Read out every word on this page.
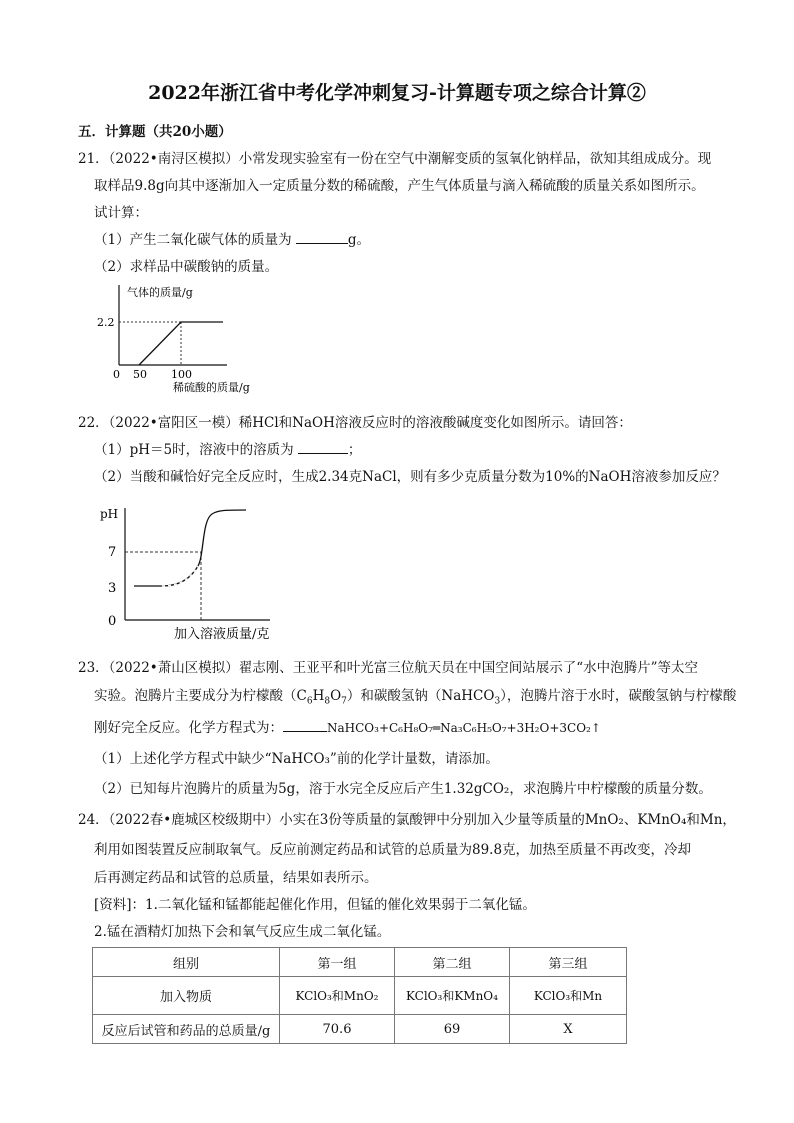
2022年浙江省中考化学冲刺复习-计算题专项之综合计算②
五．计算题（共20小题）
21．（2022•南浔区模拟）小常发现实验室有一份在空气中潮解变质的氢氧化钠样品，欲知其组成成分。现
取样品9.8g向其中逐渐加入一定质量分数的稀硫酸，产生气体质量与滴入稀硫酸的质量关系如图所示。
试计算：
（1）产生二氧化碳气体的质量为	g。
（2）求样品中碳酸钠的质量。
气体的质量/g
2.2
0 50 100
稀硫酸的质量/g
22．（2022•富阳区一模）稀HCl和NaOH溶液反应时的溶液酸碱度变化如图所示。请回答：
（1）pH＝5时，溶液中的溶质为	；
（2）当酸和碱恰好完全反应时，生成2.34克NaCl，则有多少克质量分数为10%的NaOH溶液参加反应？
pH
7
3
0
加入溶液质量/克
23．（2022•萧山区模拟）翟志刚、王亚平和叶光富三位航天员在中国空间站展示了“水中泡腾片”等太空
实验。泡腾片主要成分为柠檬酸$(C_6H_8O_7)$和碳酸氢钠（NaHCO$_3$），泡腾片溶于水时，碳酸氢钠与柠檬酸
刚好完全反应。化学方程式为：	NaHCO₃+C₆H₈O₇═Na₃C₆H₅O₇+3H₂O+3CO₂↑
（1）上述化学方程式中缺少“NaHCO₃”前的化学计量数，请添加。
（2）已知每片泡腾片的质量为5g，溶于水完全反应后产生1.32gCO₂，求泡腾片中柠檬酸的质量分数。
24．（2022春•鹿城区校级期中）小实在3份等质量的氯酸钾中分别加入少量等质量的MnO₂、KMnO₄和Mn，
利用如图装置反应制取氧气。反应前测定药品和试管的总质量为89.8克，加热至质量不再改变，冷却
后再测定药品和试管的总质量，结果如表所示。
[资料]：1.二氧化锰和锰都能起催化作用，但锰的催化效果弱于二氧化锰。
2.锰在酒精灯加热下会和氧气反应生成二氧化锰。
组别	第一组	第二组	第三组
加入物质	KClO₃和MnO₂	KClO₃和KMnO₄	KClO₃和Mn
反应后试管和药品的总质量/g	70.6	69	X
